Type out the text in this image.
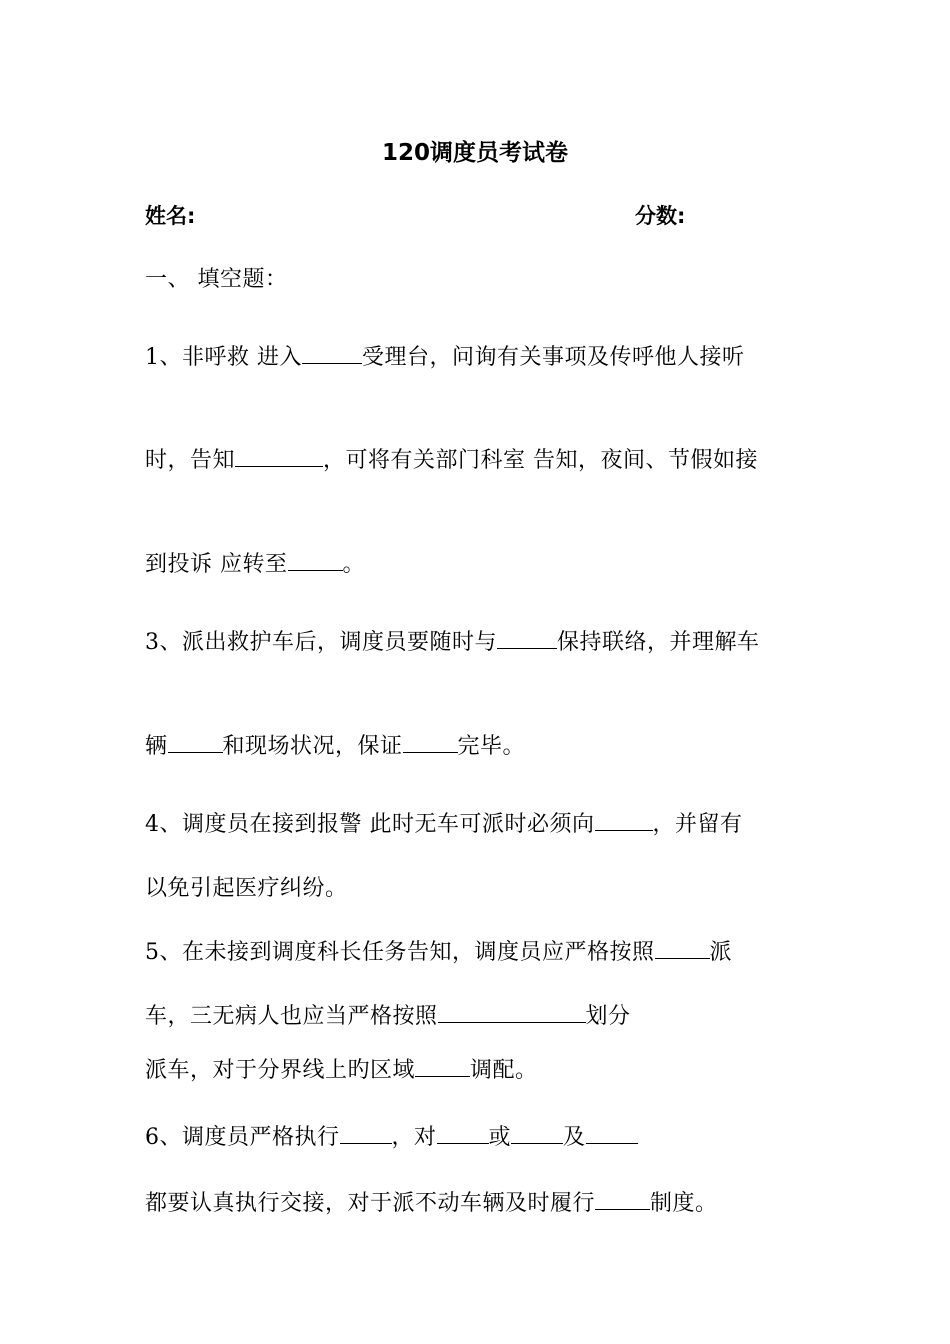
120调度员考试卷
姓名:	分数:
一、 填空题：
1、非呼救 进入	受理台，问询有关事项及传呼他人接听
时，告知	，可将有关部门科室 告知，夜间、节假如接
到投诉 应转至	。
3、派出救护车后，调度员要随时与	保持联络，并理解车
辆	和现场状况，保证	完毕。
4、调度员在接到报警 此时无车可派时必须向	，并留有
以免引起医疗纠纷。
5、在未接到调度科长任务告知，调度员应严格按照	派
车，三无病人也应当严格按照	划分
派车，对于分界线上旳区域	调配。
6、调度员严格执行 ，对 或 及
都要认真执行交接，对于派不动车辆及时履行	制度。
